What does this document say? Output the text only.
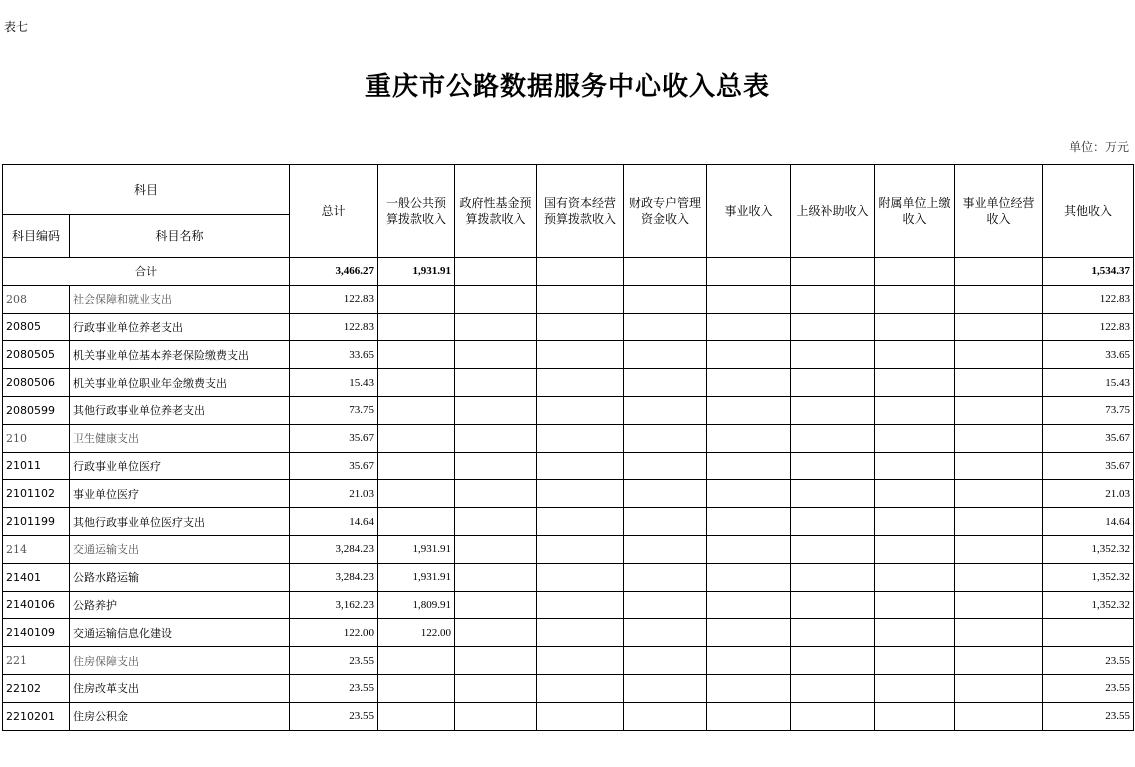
表七
重庆市公路数据服务中心收入总表
单位：万元
科目		总计	一般公共预算拨款收入	政府性基金预算拨款收入	国有资本经营预算拨款收入	财政专户管理资金收入	事业收入	上级补助收入	附属单位上缴收入	事业单位经营收入	其他收入
科目编码	科目名称										
合计		3,466.27	1,931.91								1,534.37
208	社会保障和就业支出	122.83									122.83
20805	行政事业单位养老支出	122.83									122.83
2080505	机关事业单位基本养老保险缴费支出	33.65									33.65
2080506	机关事业单位职业年金缴费支出	15.43									15.43
2080599	其他行政事业单位养老支出	73.75									73.75
210	卫生健康支出	35.67									35.67
21011	行政事业单位医疗	35.67									35.67
2101102	事业单位医疗	21.03									21.03
2101199	其他行政事业单位医疗支出	14.64									14.64
214	交通运输支出	3,284.23	1,931.91								1,352.32
21401	公路水路运输	3,284.23	1,931.91								1,352.32
2140106	公路养护	3,162.23	1,809.91								1,352.32
2140109	交通运输信息化建设	122.00	122.00								
221	住房保障支出	23.55									23.55
22102	住房改革支出	23.55									23.55
2210201	住房公积金	23.55									23.55
